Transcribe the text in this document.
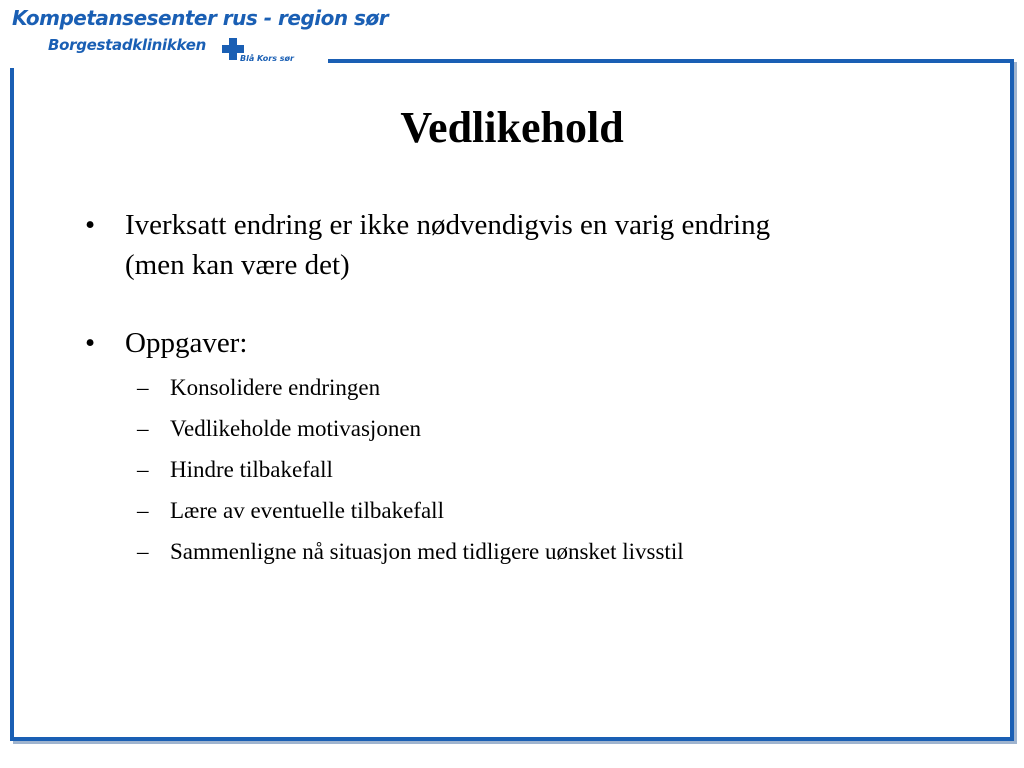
Kompetansesenter rus - region sør
Borgestadklinikken
Blå Kors sør
Vedlikehold
• Iverksatt endring er ikke nødvendigvis en varig endring
(men kan være det)
• Oppgaver:
– Konsolidere endringen
– Vedlikeholde motivasjonen
– Hindre tilbakefall
– Lære av eventuelle tilbakefall
– Sammenligne nå situasjon med tidligere uønsket livsstil
